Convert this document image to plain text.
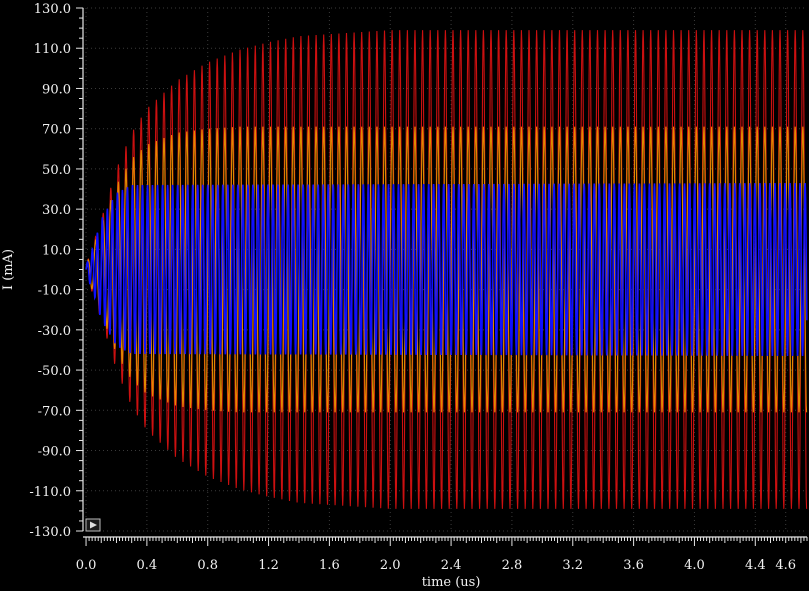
0.0	0.4	0.8	1.2	1.6	2.0	2.4	2.8	3.2	3.6	4.0	4.4 4.6
130.0
110.0
90.0
70.0
50.0
30.0
10.0
-10.0
-30.0
-50.0
-70.0
-90.0
-110.0
-130.0
time (us)
I (mA)
